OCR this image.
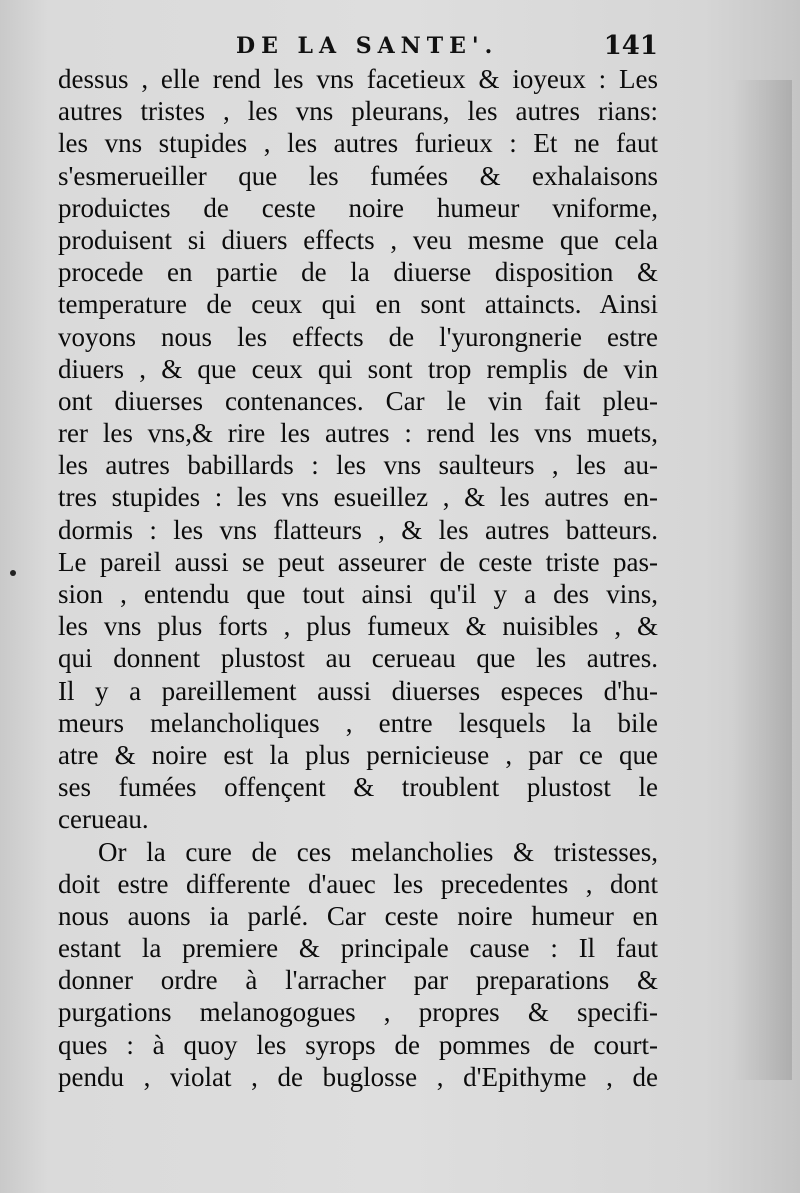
DE LA SANTE'.	141
dessus , elle rend les vns facetieux & ioyeux : Les
autres tristes , les vns pleurans, les autres rians:
les vns stupides , les autres furieux : Et ne faut
s'esmerueiller que les fumées & exhalaisons
produictes de ceste noire humeur vniforme,
produisent si diuers effects , veu mesme que cela
procede en partie de la diuerse disposition &
temperature de ceux qui en sont attaincts. Ainsi
voyons nous les effects de l'yurongnerie estre
diuers , & que ceux qui sont trop remplis de vin
ont diuerses contenances. Car le vin fait pleu-
rer les vns,& rire les autres : rend les vns muets,
les autres babillards : les vns saulteurs , les au-
tres stupides : les vns esueillez , & les autres en-
dormis : les vns flatteurs , & les autres batteurs.
Le pareil aussi se peut asseurer de ceste triste pas-
sion , entendu que tout ainsi qu'il y a des vins,
les vns plus forts , plus fumeux & nuisibles , &
qui donnent plustost au cerueau que les autres.
Il y a pareillement aussi diuerses especes d'hu-
meurs melancholiques , entre lesquels la bile
atre & noire est la plus pernicieuse , par ce que
ses fumées offençent & troublent plustost le
cerueau.
Or la cure de ces melancholies & tristesses,
doit estre differente d'auec les precedentes , dont
nous auons ia parlé. Car ceste noire humeur en
estant la premiere & principale cause : Il faut
donner ordre à l'arracher par preparations &
purgations melanogogues , propres & specifi-
ques : à quoy les syrops de pommes de court-
pendu , violat , de buglosse , d'Epithyme , de
